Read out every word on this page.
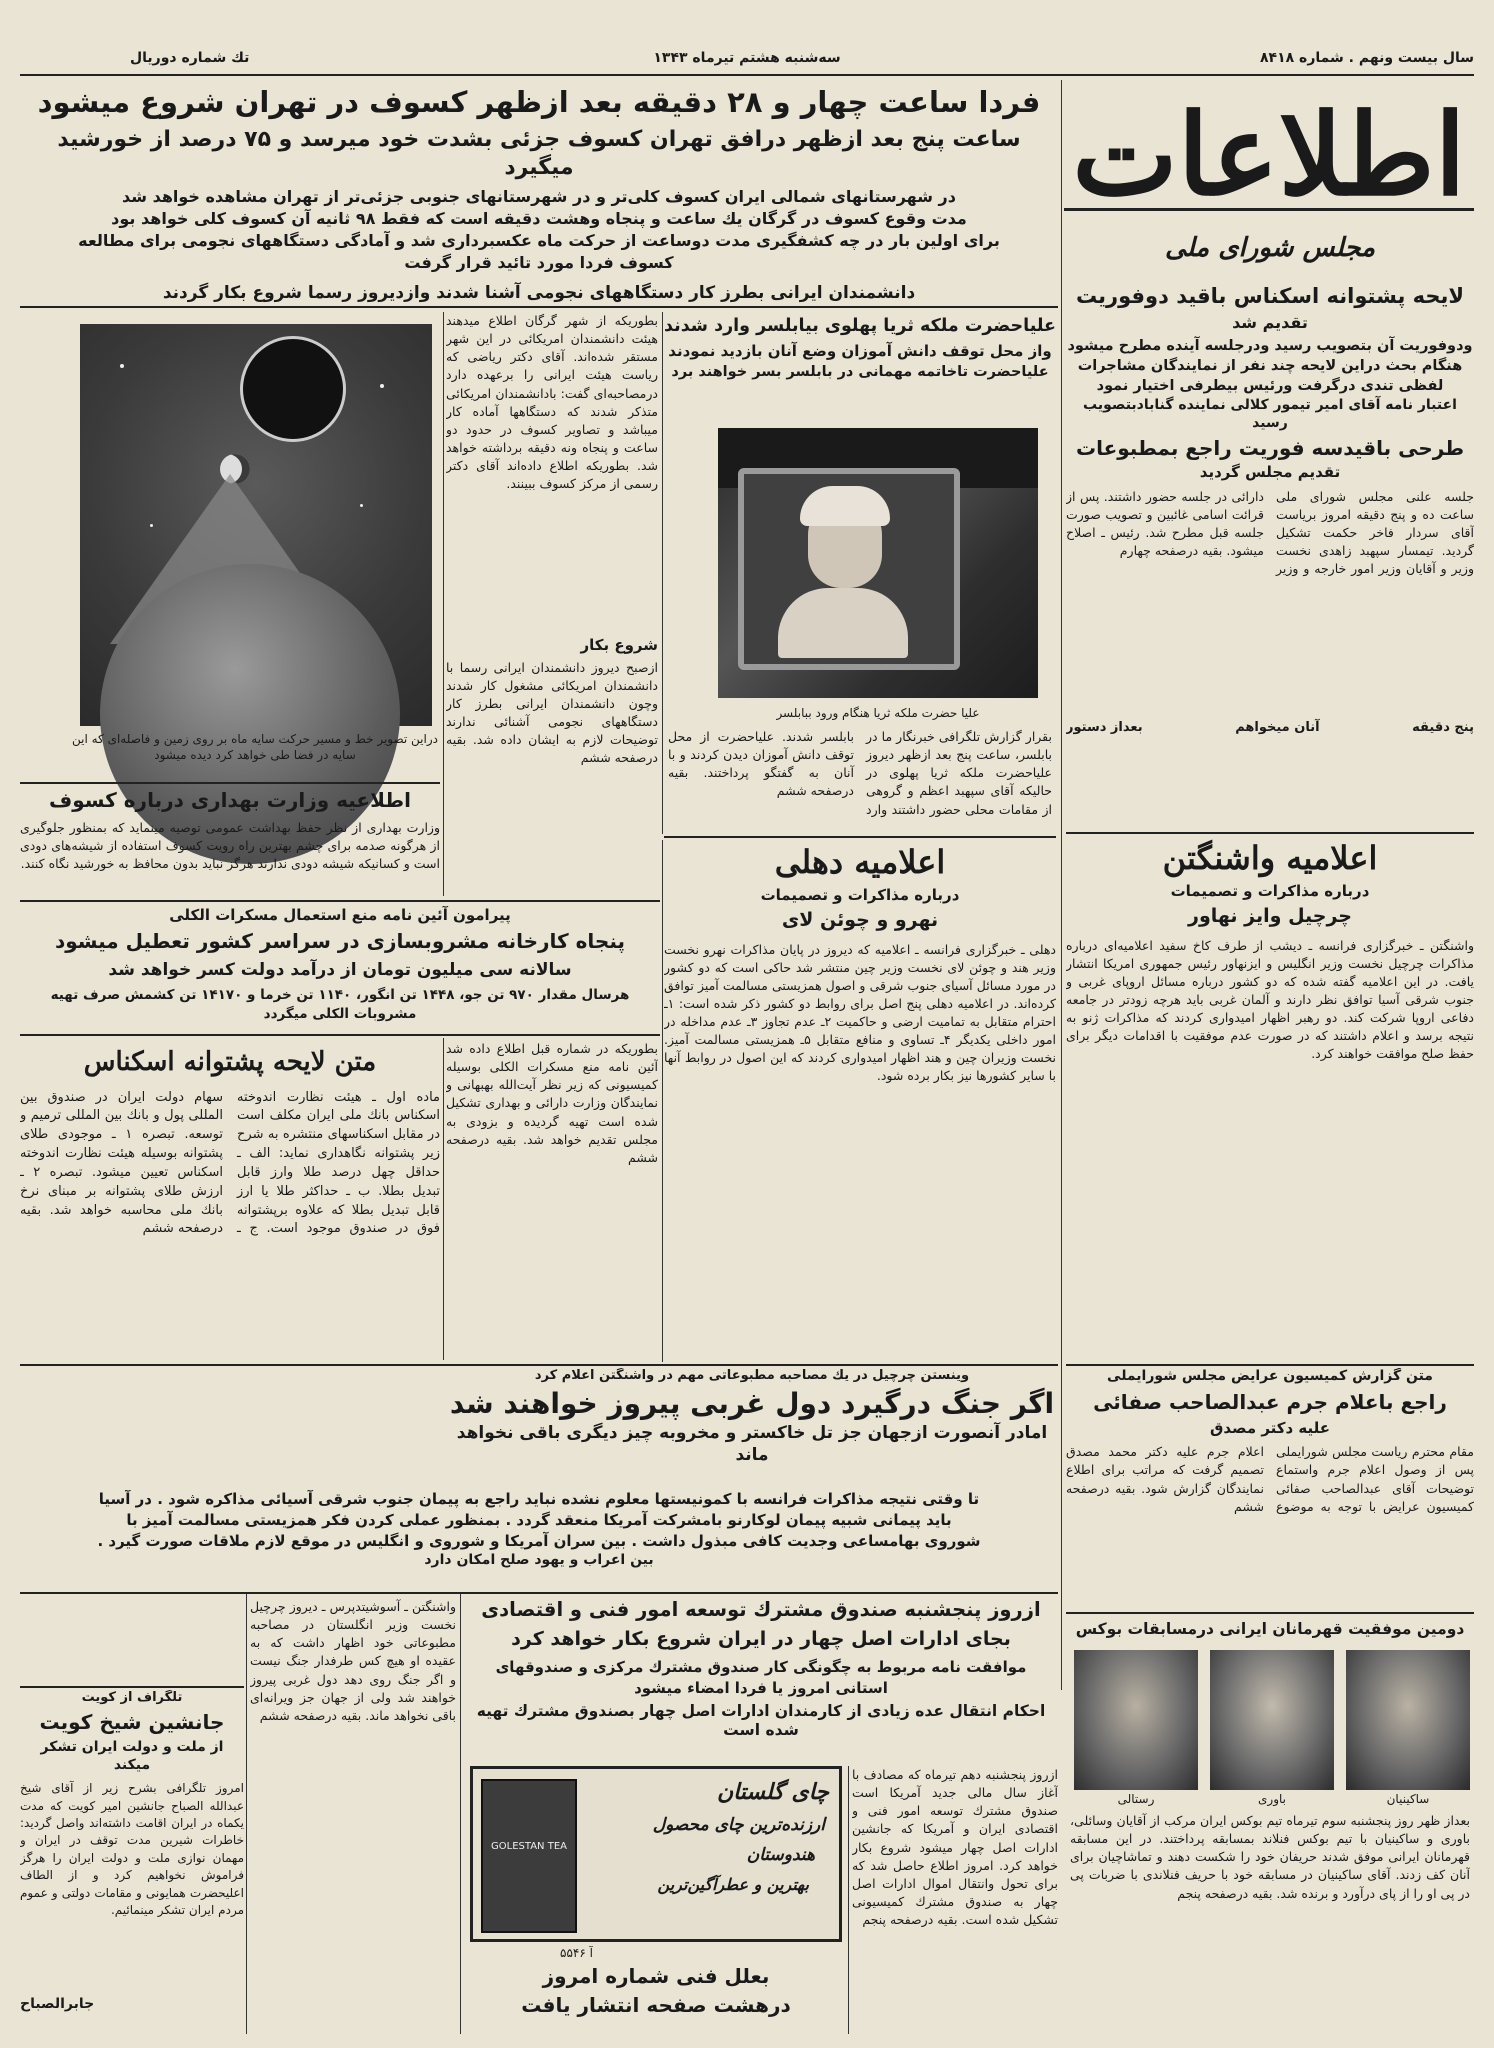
سال بیست ونهم . شماره ۸۴۱۸
سه‌شنبه هشتم تیرماه ۱۳۴۳
تك شماره دوریال
اطلاعات
فردا ساعت چهار و ۲۸ دقیقه بعد ازظهر کسوف در تهران شروع میشود
ساعت پنج بعد ازظهر درافق تهران کسوف جزئی بشدت خود میرسد و ۷۵ درصد از خورشید میگیرد
در شهرستانهای شمالی ایران کسوف کلی‌تر و در شهرستانهای جنوبی جزئی‌تر از تهران مشاهده خواهد شد
مدت وقوع کسوف در گرگان یك ساعت و پنجاه وهشت دقیقه است که فقط ۹۸ ثانیه آن کسوف کلی خواهد بود
برای اولین بار در چه کشفگیری مدت دوساعت از حرکت ماه عکسبرداری شد و آمادگی دستگاههای نجومی برای مطالعه
کسوف فردا مورد تائید قرار گرفت
دانشمندان ایرانی بطرز کار دستگاههای نجومی آشنا شدند وازدیروز رسما شروع بکار گردند
مجلس شورای ملی
لایحه پشتوانه اسکناس باقید دوفوریت
تقدیم شد
ودوفوریت آن بتصویب رسید ودرجلسه آینده مطرح میشود
هنگام بحث دراین لایحه چند نفر از نمایندگان مشاجرات
لفظی تندی درگرفت ورئیس بیطرفی اختیار نمود
اعتبار نامه آقای امیر تیمور کلالی نماینده گنابادبتصویب رسید
طرحی باقیدسه فوریت راجع بمطبوعات
تقدیم مجلس گردید
جلسه علنی مجلس شورای ملی ساعت ده و پنج دقیقه امروز بریاست آقای سردار فاخر حکمت تشکیل گردید. تیمسار سپهبد زاهدی نخست وزیر و آقایان وزیر امور خارجه و وزیر دارائی در جلسه حضور داشتند. پس از قرائت اسامی غائبین و تصویب صورت جلسه قبل مطرح شد. رئیس ـ اصلاح میشود. بقیه درصفحه چهارم
پنج دقیقه
آنان میخواهم
بعداز دستور
علیاحضرت ملکه ثریا پهلوی بیابلسر وارد شدند
واز محل توقف دانش آموزان وضع آنان بازدید نمودند
علیاحضرت تاخاتمه مهمانی در بابلسر بسر خواهند برد
علیا حضرت ملکه ثریا هنگام ورود ببابلسر
بقرار گزارش تلگرافی خبرنگار ما در بابلسر، ساعت پنج بعد ازظهر دیروز علیاحضرت ملکه ثریا پهلوی در حالیکه آقای سپهبد اعظم و گروهی از مقامات محلی حضور داشتند وارد بابلسر شدند. علیاحضرت از محل توقف دانش آموزان دیدن کردند و با آنان به گفتگو پرداختند. بقیه درصفحه ششم
بطوریکه از شهر گرگان اطلاع میدهند هیئت دانشمندان امریکائی در این شهر مستقر شده‌اند. آقای دکتر ریاضی که ریاست هیئت ایرانی را برعهده دارد درمصاحبه‌ای گفت: بادانشمندان امریکائی متذکر شدند که دستگاهها آماده کار میباشد و تصاویر کسوف در حدود دو ساعت و پنجاه ونه دقیقه برداشته خواهد شد. بطوریکه اطلاع داده‌اند آقای دکتر رسمی از مرکز کسوف ببینند.
شروع بکار
ازصبح دیروز دانشمندان ایرانی رسما با دانشمندان امریکائی مشغول کار شدند وچون دانشمندان ایرانی بطرز کار دستگاههای نجومی آشنائی ندارند توضیحات لازم به ایشان داده شد. بقیه درصفحه ششم
دراین تصویر خط و مسیر حرکت سایه ماه بر روی زمین و فاصله‌ای که این سایه در فضا طی خواهد کرد دیده میشود
اطلاعیه وزارت بهداری درباره کسوف
وزارت بهداری از نظر حفظ بهداشت عمومی توصیه مینماید که بمنظور جلوگیری از هرگونه صدمه برای چشم بهترین راه رویت کسوف استفاده از شیشه‌های دودی است و کسانیکه شیشه دودی ندارند هرگز نباید بدون محافظ به خورشید نگاه کنند.	اعلامیه دهلی
درباره مذاکرات و تصمیمات
نهرو و چوئن لای
دهلی ـ خبرگزاری فرانسه ـ اعلامیه که دیروز در پایان مذاکرات نهرو نخست وزیر هند و چوئن لای نخست وزیر چین منتشر شد حاکی است که دو کشور در مورد مسائل آسیای جنوب شرقی و اصول همزیستی مسالمت آمیز توافق کرده‌اند. در اعلامیه دهلی پنج اصل برای روابط دو کشور ذکر شده است: ۱ـ احترام متقابل به تمامیت ارضی و حاکمیت ۲ـ عدم تجاوز ۳ـ عدم مداخله در امور داخلی یکدیگر ۴ـ تساوی و منافع متقابل ۵ـ همزیستی مسالمت آمیز. نخست وزیران چین و هند اظهار امیدواری کردند که این اصول در روابط آنها با سایر کشورها نیز بکار برده شود.
اعلامیه واشنگتن
درباره مذاکرات و تصمیمات
چرچیل وایز نهاور
واشنگتن ـ خبرگزاری فرانسه ـ دیشب از طرف کاخ سفید اعلامیه‌ای درباره مذاکرات چرچیل نخست وزیر انگلیس و ایزنهاور رئیس جمهوری امریکا انتشار یافت. در این اعلامیه گفته شده که دو کشور درباره مسائل اروپای غربی و جنوب شرقی آسیا توافق نظر دارند و آلمان غربی باید هرچه زودتر در جامعه دفاعی اروپا شرکت کند. دو رهبر اظهار امیدواری کردند که مذاکرات ژنو به نتیجه برسد و اعلام داشتند که در صورت عدم موفقیت با اقدامات دیگر برای حفظ صلح موافقت خواهند کرد.
پیرامون آئین نامه منع استعمال مسکرات الکلی
پنجاه کارخانه مشروبسازی در سراسر کشور تعطیل میشود
سالانه سی میلیون تومان از درآمد دولت کسر خواهد شد
هرسال مقدار ۹۷۰ تن جو، ۱۴۴۸ تن انگور، ۱۱۴۰ تن خرما و ۱۴۱۷۰ تن کشمش صرف تهیه
مشروبات الکلی میگردد
بطوریکه در شماره قبل اطلاع داده شد آئین نامه منع مسکرات الکلی بوسیله کمیسیونی که زیر نظر آیت‌الله بهبهانی و نمایندگان وزارت دارائی و بهداری تشکیل شده است تهیه گردیده و بزودی به مجلس تقدیم خواهد شد. بقیه درصفحه ششم
متن لایحه پشتوانه اسکناس
ماده اول ـ هیئت نظارت اندوخته اسکناس بانك ملی ایران مکلف است در مقابل اسکناسهای منتشره به شرح زیر پشتوانه نگاهداری نماید: الف ـ حداقل چهل درصد طلا وارز قابل تبدیل بطلا. ب ـ حداکثر طلا یا ارز قابل تبدیل بطلا که علاوه برپشتوانه فوق در صندوق موجود است. ج ـ سهام دولت ایران در صندوق بین المللی پول و بانك بین المللی ترمیم و توسعه. تبصره ۱ ـ موجودی طلای پشتوانه بوسیله هیئت نظارت اندوخته اسکناس تعیین میشود. تبصره ۲ ـ ارزش طلای پشتوانه بر مبنای نرخ بانك ملی محاسبه خواهد شد. بقیه درصفحه ششم
وینستن چرچیل در یك مصاحبه مطبوعاتی مهم در واشنگتن اعلام کرد
اگر جنگ درگیرد دول غربی پیروز خواهند شد
امادر آنصورت ازجهان جز تل خاکستر و مخروبه چیز دیگری باقی نخواهد ماند
تا وقتی نتیجه مذاکرات فرانسه با کمونیستها معلوم نشده نباید راجع به پیمان جنوب شرقی آسیائی مذاکره شود . در آسیا
باید پیمانی شبیه پیمان لوکارنو بامشرکت آمریکا منعقد گردد . بمنظور عملی کردن فکر همزیستی مسالمت آمیز با
شوروی بهامساعی وجدیت کافی مبذول داشت . بین سران آمریکا و شوروی و انگلیس در موقع لازم ملاقات صورت گیرد .
بین اعراب و یهود صلح امکان دارد
متن گزارش کمیسیون عرایض مجلس شورایملی
راجع باعلام جرم عبدالصاحب صفائی
علیه دکتر مصدق
مقام محترم ریاست مجلس شورایملی پس از وصول اعلام جرم واستماع توضیحات آقای عبدالصاحب صفائی کمیسیون عرایض با توجه به موضوع اعلام جرم علیه دکتر محمد مصدق تصمیم گرفت که مراتب برای اطلاع نمایندگان گزارش شود. بقیه درصفحه ششم
دومین موفقیت قهرمانان ایرانی درمسابقات بوکس
رستالی	باوری	ساکینیان
بعداز ظهر روز پنجشنبه سوم تیرماه تیم بوکس ایران مرکب از آقایان وسائلی، باوری و ساکینیان با تیم بوکس فنلاند بمسابقه پرداختند. در این مسابقه قهرمانان ایرانی موفق شدند حریفان خود را شکست دهند و تماشاچیان برای آنان کف زدند. آقای ساکینیان در مسابقه خود با حریف فنلاندی با ضربات پی در پی او را از پای درآورد و برنده شد. بقیه درصفحه پنجم
واشنگتن ـ آسوشیتدپرس ـ دیروز چرچیل نخست وزیر انگلستان در مصاحبه مطبوعاتی خود اظهار داشت که به عقیده او هیچ کس طرفدار جنگ نیست و اگر جنگ روی دهد دول غربی پیروز خواهند شد ولی از جهان جز ویرانه‌ای باقی نخواهد ماند. بقیه درصفحه ششم
ازروز پنجشنبه صندوق مشترك توسعه امور فنی و اقتصادی
بجای ادارات اصل چهار در ایران شروع بکار خواهد کرد
موافقت نامه مربوط به چگونگی کار صندوق مشترك مرکزی و صندوقهای
استانی امروز یا فردا امضاء میشود
احکام انتقال عده زیادی از کارمندان ادارات اصل چهار بصندوق مشترك تهیه شده است
ازروز پنجشنبه دهم تیرماه که مصادف با آغاز سال مالی جدید آمریکا است صندوق مشترك توسعه امور فنی و اقتصادی ایران و آمریکا که جانشین ادارات اصل چهار میشود شروع بکار خواهد کرد. امروز اطلاع حاصل شد که برای تحول وانتقال اموال ادارات اصل چهار به صندوق مشترك کمیسیونی تشکیل شده است. بقیه درصفحه پنجم
GOLESTAN TEA
چای گلستان
ارزنده‌ترین چای محصول
هندوستان
بهترین و عطرآگین‌ترین
آ ۵۵۴۶
بعلل فنی شماره امروز
درهشت صفحه انتشار یافت
تلگراف از کویت
جانشین شیخ کویت
از ملت و دولت ایران تشکر میکند
امروز تلگرافی بشرح زیر از آقای شیخ عبدالله الصباح جانشین امیر کویت که مدت یکماه در ایران اقامت داشته‌اند واصل گردید: خاطرات شیرین مدت توقف در ایران و مهمان نوازی ملت و دولت ایران را هرگز فراموش نخواهیم کرد و از الطاف اعلیحضرت همایونی و مقامات دولتی و عموم مردم ایران تشکر مینمائیم.
جابرالصباح
